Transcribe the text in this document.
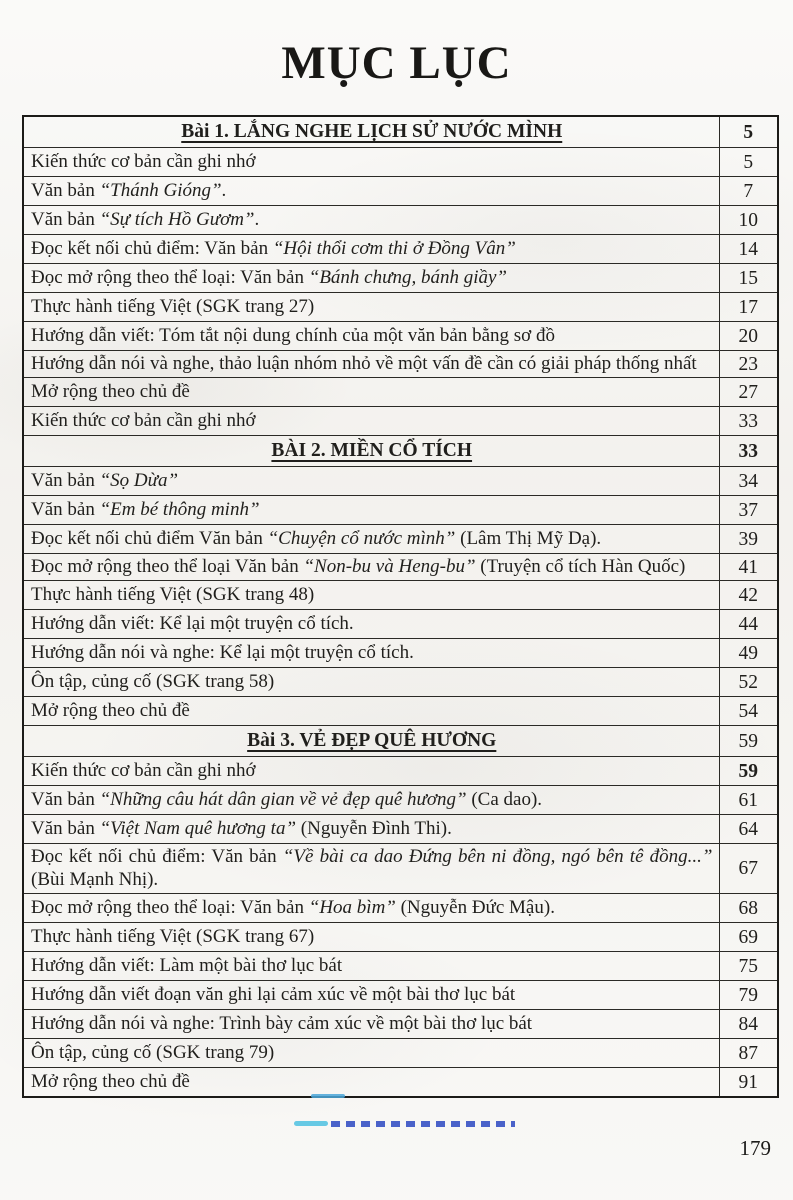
MỤC LỤC
Bài 1. LẮNG NGHE LỊCH SỬ NƯỚC MÌNH	5
Kiến thức cơ bản cần ghi nhớ	5
Văn bản “Thánh Gióng”.	7
Văn bản “Sự tích Hồ Gươm”.	10
Đọc kết nối chủ điểm: Văn bản “Hội thổi cơm thi ở Đồng Vân”	14
Đọc mở rộng theo thể loại: Văn bản “Bánh chưng, bánh giầy”	15
Thực hành tiếng Việt (SGK trang 27)	17
Hướng dẫn viết: Tóm tắt nội dung chính của một văn bản bằng sơ đồ	20
Hướng dẫn nói và nghe, thảo luận nhóm nhỏ về một vấn đề cần có giải pháp thống nhất	23
Mở rộng theo chủ đề	27
Kiến thức cơ bản cần ghi nhớ	33
BÀI 2. MIỀN CỔ TÍCH	33
Văn bản “Sọ Dừa”	34
Văn bản “Em bé thông minh”	37
Đọc kết nối chủ điểm Văn bản “Chuyện cổ nước mình” (Lâm Thị Mỹ Dạ).	39
Đọc mở rộng theo thể loại Văn bản “Non-bu và Heng-bu” (Truyện cổ tích Hàn Quốc)	41
Thực hành tiếng Việt (SGK trang 48)	42
Hướng dẫn viết: Kể lại một truyện cổ tích.	44
Hướng dẫn nói và nghe: Kể lại một truyện cổ tích.	49
Ôn tập, củng cố (SGK trang 58)	52
Mở rộng theo chủ đề	54
Bài 3. VẺ ĐẸP QUÊ HƯƠNG	59
Kiến thức cơ bản cần ghi nhớ	59
Văn bản “Những câu hát dân gian về vẻ đẹp quê hương” (Ca dao).	61
Văn bản “Việt Nam quê hương ta” (Nguyễn Đình Thi).	64
Đọc kết nối chủ điểm: Văn bản “Về bài ca dao Đứng bên ni đồng, ngó bên tê đồng...” (Bùi Mạnh Nhị).	67
Đọc mở rộng theo thể loại: Văn bản “Hoa bìm” (Nguyễn Đức Mậu).	68
Thực hành tiếng Việt (SGK trang 67)	69
Hướng dẫn viết: Làm một bài thơ lục bát	75
Hướng dẫn viết đoạn văn ghi lại cảm xúc về một bài thơ lục bát	79
Hướng dẫn nói và nghe: Trình bày cảm xúc về một bài thơ lục bát	84
Ôn tập, củng cố (SGK trang 79)	87
Mở rộng theo chủ đề	91
179
